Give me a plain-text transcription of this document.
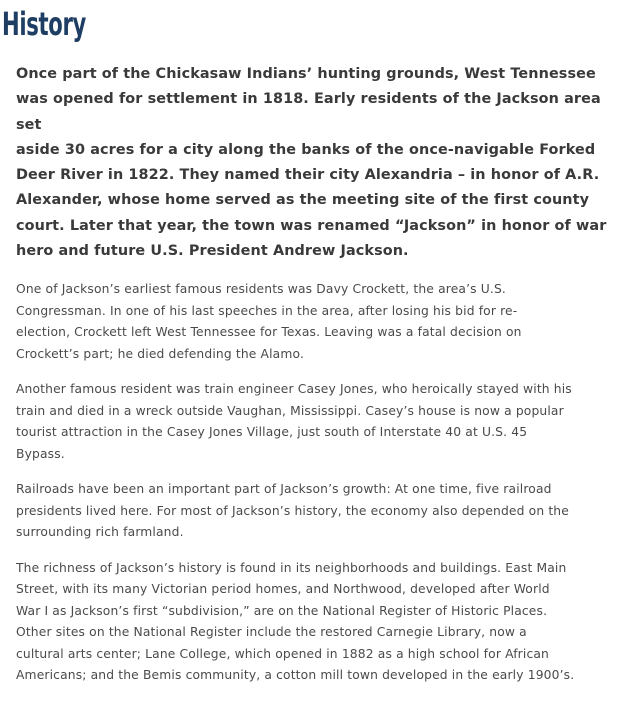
History

Once part of the Chickasaw Indians’ hunting grounds, West Tennessee
was opened for settlement in 1818. Early residents of the Jackson area set
aside 30 acres for a city along the banks of the once-navigable Forked
Deer River in 1822. They named their city Alexandria – in honor of A.R.
Alexander, whose home served as the meeting site of the first county
court. Later that year, the town was renamed “Jackson” in honor of war
hero and future U.S. President Andrew Jackson.

One of Jackson’s earliest famous residents was Davy Crockett, the area’s U.S.
Congressman. In one of his last speeches in the area, after losing his bid for re-
election, Crockett left West Tennessee for Texas. Leaving was a fatal decision on
Crockett’s part; he died defending the Alamo.

Another famous resident was train engineer Casey Jones, who heroically stayed with his
train and died in a wreck outside Vaughan, Mississippi. Casey’s house is now a popular
tourist attraction in the Casey Jones Village, just south of Interstate 40 at U.S. 45
Bypass.

Railroads have been an important part of Jackson’s growth: At one time, five railroad
presidents lived here. For most of Jackson’s history, the economy also depended on the
surrounding rich farmland.

The richness of Jackson’s history is found in its neighborhoods and buildings. East Main
Street, with its many Victorian period homes, and Northwood, developed after World
War I as Jackson’s first “subdivision,” are on the National Register of Historic Places.
Other sites on the National Register include the restored Carnegie Library, now a
cultural arts center; Lane College, which opened in 1882 as a high school for African
Americans; and the Bemis community, a cotton mill town developed in the early 1900’s.
